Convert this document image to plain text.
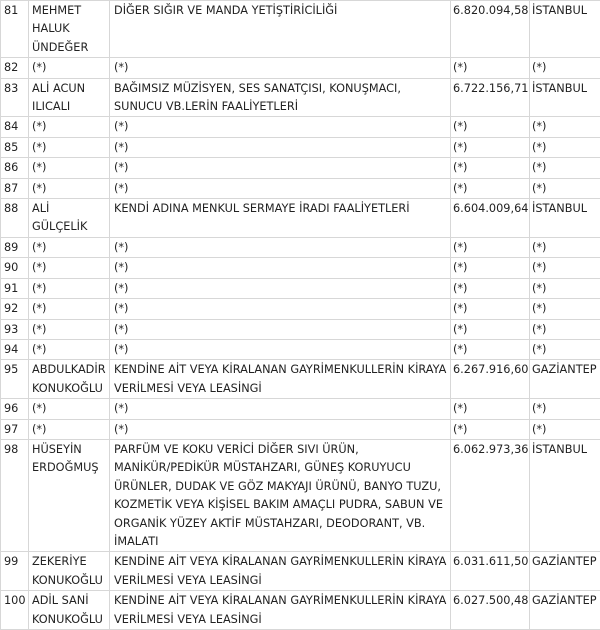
81	MEHMET HALUK ÜNDEĞER	DİĞER SIĞIR VE MANDA YETİŞTİRİCİLİĞİ	6.820.094,58	İSTANBUL
82	(*)	(*)	(*)	(*)
83	ALİ ACUN ILICALI	BAĞIMSIZ MÜZİSYEN, SES SANATÇISI, KONUŞMACI, SUNUCU VB.LERİN FAALİYETLERİ	6.722.156,71	İSTANBUL
84	(*)	(*)	(*)	(*)
85	(*)	(*)	(*)	(*)
86	(*)	(*)	(*)	(*)
87	(*)	(*)	(*)	(*)
88	ALİ GÜLÇELİK	KENDİ ADINA MENKUL SERMAYE İRADI FAALİYETLERİ	6.604.009,64	İSTANBUL
89	(*)	(*)	(*)	(*)
90	(*)	(*)	(*)	(*)
91	(*)	(*)	(*)	(*)
92	(*)	(*)	(*)	(*)
93	(*)	(*)	(*)	(*)
94	(*)	(*)	(*)	(*)
95	ABDULKADİR KONUKOĞLU	KENDİNE AİT VEYA KİRALANAN GAYRİMENKULLERİN KİRAYA VERİLMESİ VEYA LEASİNGİ	6.267.916,60	GAZİANTEP
96	(*)	(*)	(*)	(*)
97	(*)	(*)	(*)	(*)
98	HÜSEYİN ERDOĞMUŞ	PARFÜM VE KOKU VERİCİ DİĞER SIVI ÜRÜN, MANİKÜR/PEDİKÜR MÜSTAHZARI, GÜNEŞ KORUYUCU ÜRÜNLER, DUDAK VE GÖZ MAKYAJI ÜRÜNÜ, BANYO TUZU, KOZMETİK VEYA KİŞİSEL BAKIM AMAÇLI PUDRA, SABUN VE ORGANİK YÜZEY AKTİF MÜSTAHZARI, DEODORANT, VB. İMALATI	6.062.973,36	İSTANBUL
99	ZEKERİYE KONUKOĞLU	KENDİNE AİT VEYA KİRALANAN GAYRİMENKULLERİN KİRAYA VERİLMESİ VEYA LEASİNGİ	6.031.611,50	GAZİANTEP
100	ADİL SANİ KONUKOĞLU	KENDİNE AİT VEYA KİRALANAN GAYRİMENKULLERİN KİRAYA VERİLMESİ VEYA LEASİNGİ	6.027.500,48	GAZİANTEP
